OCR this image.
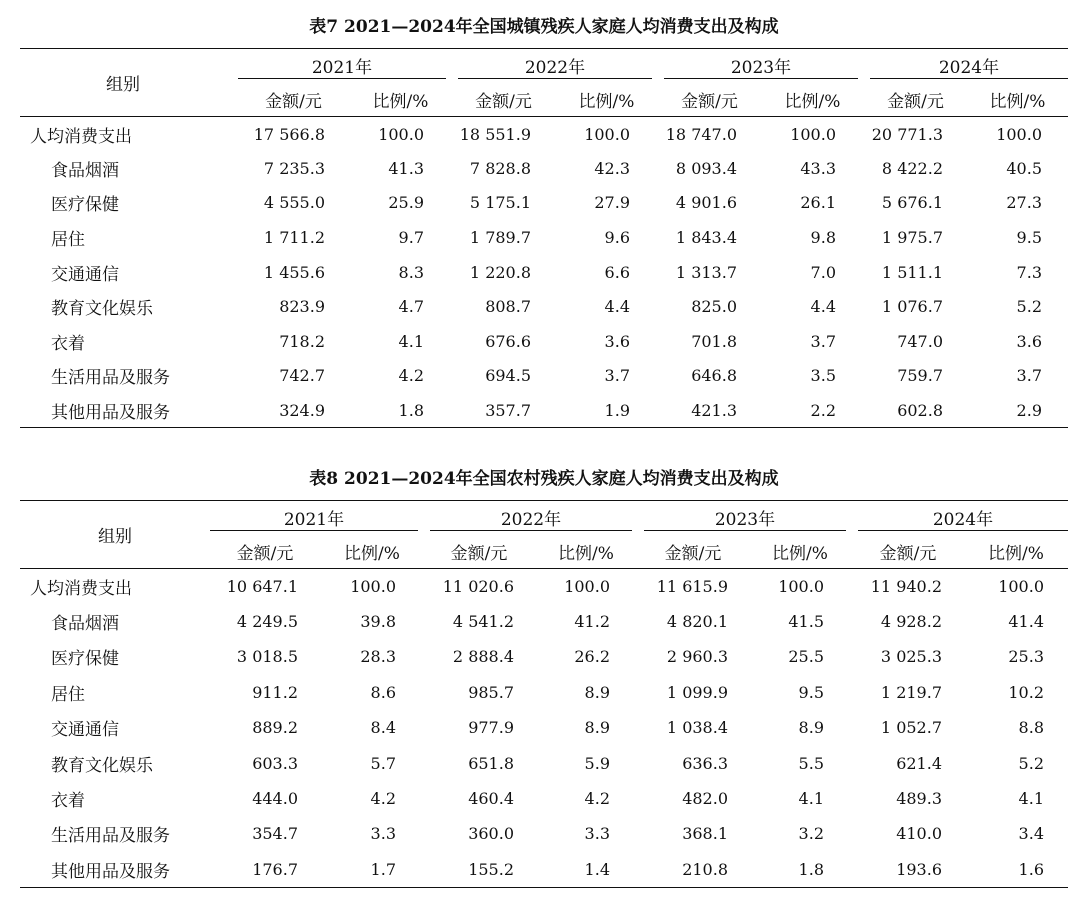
表7 2021—2024年全国城镇残疾人家庭人均消费支出及构成
组别	2021年		2022年		2023年		2024年	

	金额/元	比例/%	金额/元	比例/%	金额/元	比例/%	金额/元	比例/%
人均消费支出	17 566.8	100.0	18 551.9	100.0	18 747.0	100.0	20 771.3	100.0
食品烟酒	7 235.3	41.3	7 828.8	42.3	8 093.4	43.3	8 422.2	40.5
医疗保健	4 555.0	25.9	5 175.1	27.9	4 901.6	26.1	5 676.1	27.3
居住	1 711.2	9.7	1 789.7	9.6	1 843.4	9.8	1 975.7	9.5
交通通信	1 455.6	8.3	1 220.8	6.6	1 313.7	7.0	1 511.1	7.3
教育文化娱乐	823.9	4.7	808.7	4.4	825.0	4.4	1 076.7	5.2
衣着	718.2	4.1	676.6	3.6	701.8	3.7	747.0	3.6
生活用品及服务	742.7	4.2	694.5	3.7	646.8	3.5	759.7	3.7
其他用品及服务	324.9	1.8	357.7	1.9	421.3	2.2	602.8	2.9
表8 2021—2024年全国农村残疾人家庭人均消费支出及构成
组别	2021年		2022年		2023年		2024年	

	金额/元	比例/%	金额/元	比例/%	金额/元	比例/%	金额/元	比例/%
人均消费支出	10 647.1	100.0	11 020.6	100.0	11 615.9	100.0	11 940.2	100.0
食品烟酒	4 249.5	39.8	4 541.2	41.2	4 820.1	41.5	4 928.2	41.4
医疗保健	3 018.5	28.3	2 888.4	26.2	2 960.3	25.5	3 025.3	25.3
居住	911.2	8.6	985.7	8.9	1 099.9	9.5	1 219.7	10.2
交通通信	889.2	8.4	977.9	8.9	1 038.4	8.9	1 052.7	8.8
教育文化娱乐	603.3	5.7	651.8	5.9	636.3	5.5	621.4	5.2
衣着	444.0	4.2	460.4	4.2	482.0	4.1	489.3	4.1
生活用品及服务	354.7	3.3	360.0	3.3	368.1	3.2	410.0	3.4
其他用品及服务	176.7	1.7	155.2	1.4	210.8	1.8	193.6	1.6
